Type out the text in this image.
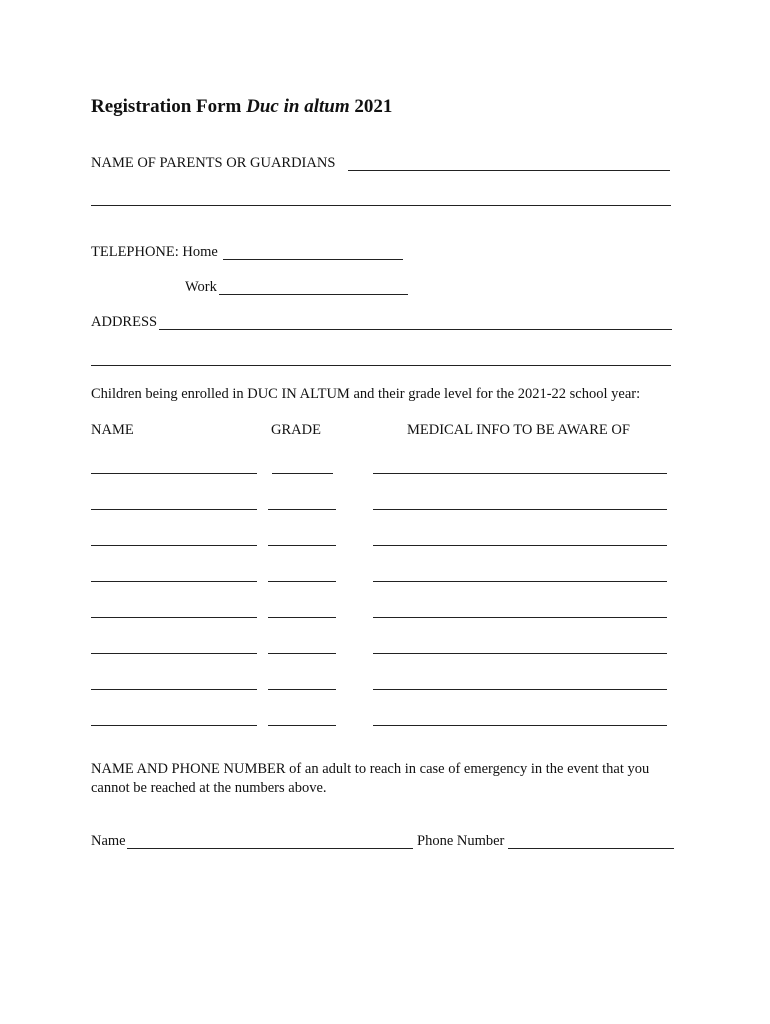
Registration Form Duc in altum 2021
NAME OF PARENTS OR GUARDIANS
TELEPHONE: Home
Work
ADDRESS
Children being enrolled in DUC IN ALTUM and their grade level for the 2021-22 school year:
NAME	GRADE	MEDICAL INFO TO BE AWARE OF
NAME AND PHONE NUMBER of an adult to reach in case of emergency in the event that you cannot be reached at the numbers above.
Name	Phone Number
